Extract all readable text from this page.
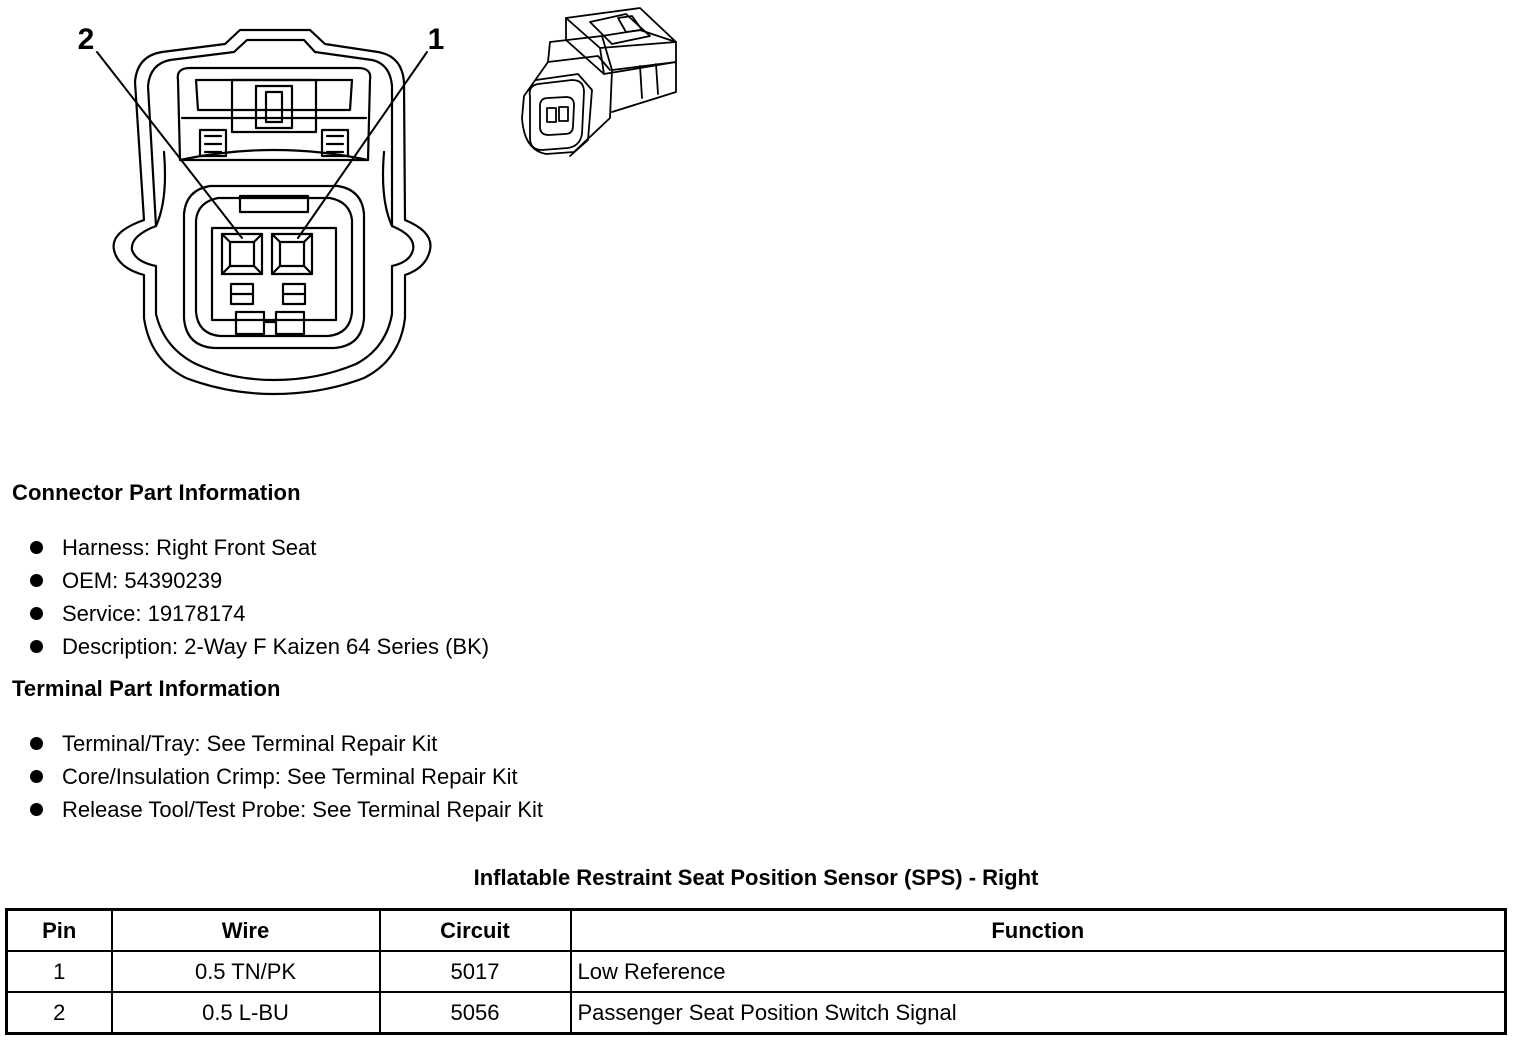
2	1
Connector Part Information
Harness: Right Front Seat
OEM: 54390239
Service: 19178174
Description: 2-Way F Kaizen 64 Series (BK)
Terminal Part Information
Terminal/Tray: See Terminal Repair Kit
Core/Insulation Crimp: See Terminal Repair Kit
Release Tool/Test Probe: See Terminal Repair Kit
Inflatable Restraint Seat Position Sensor (SPS) - Right
Pin	Wire	Circuit	Function
1	0.5 TN/PK	5017	Low Reference
2	0.5 L-BU	5056	Passenger Seat Position Switch Signal
